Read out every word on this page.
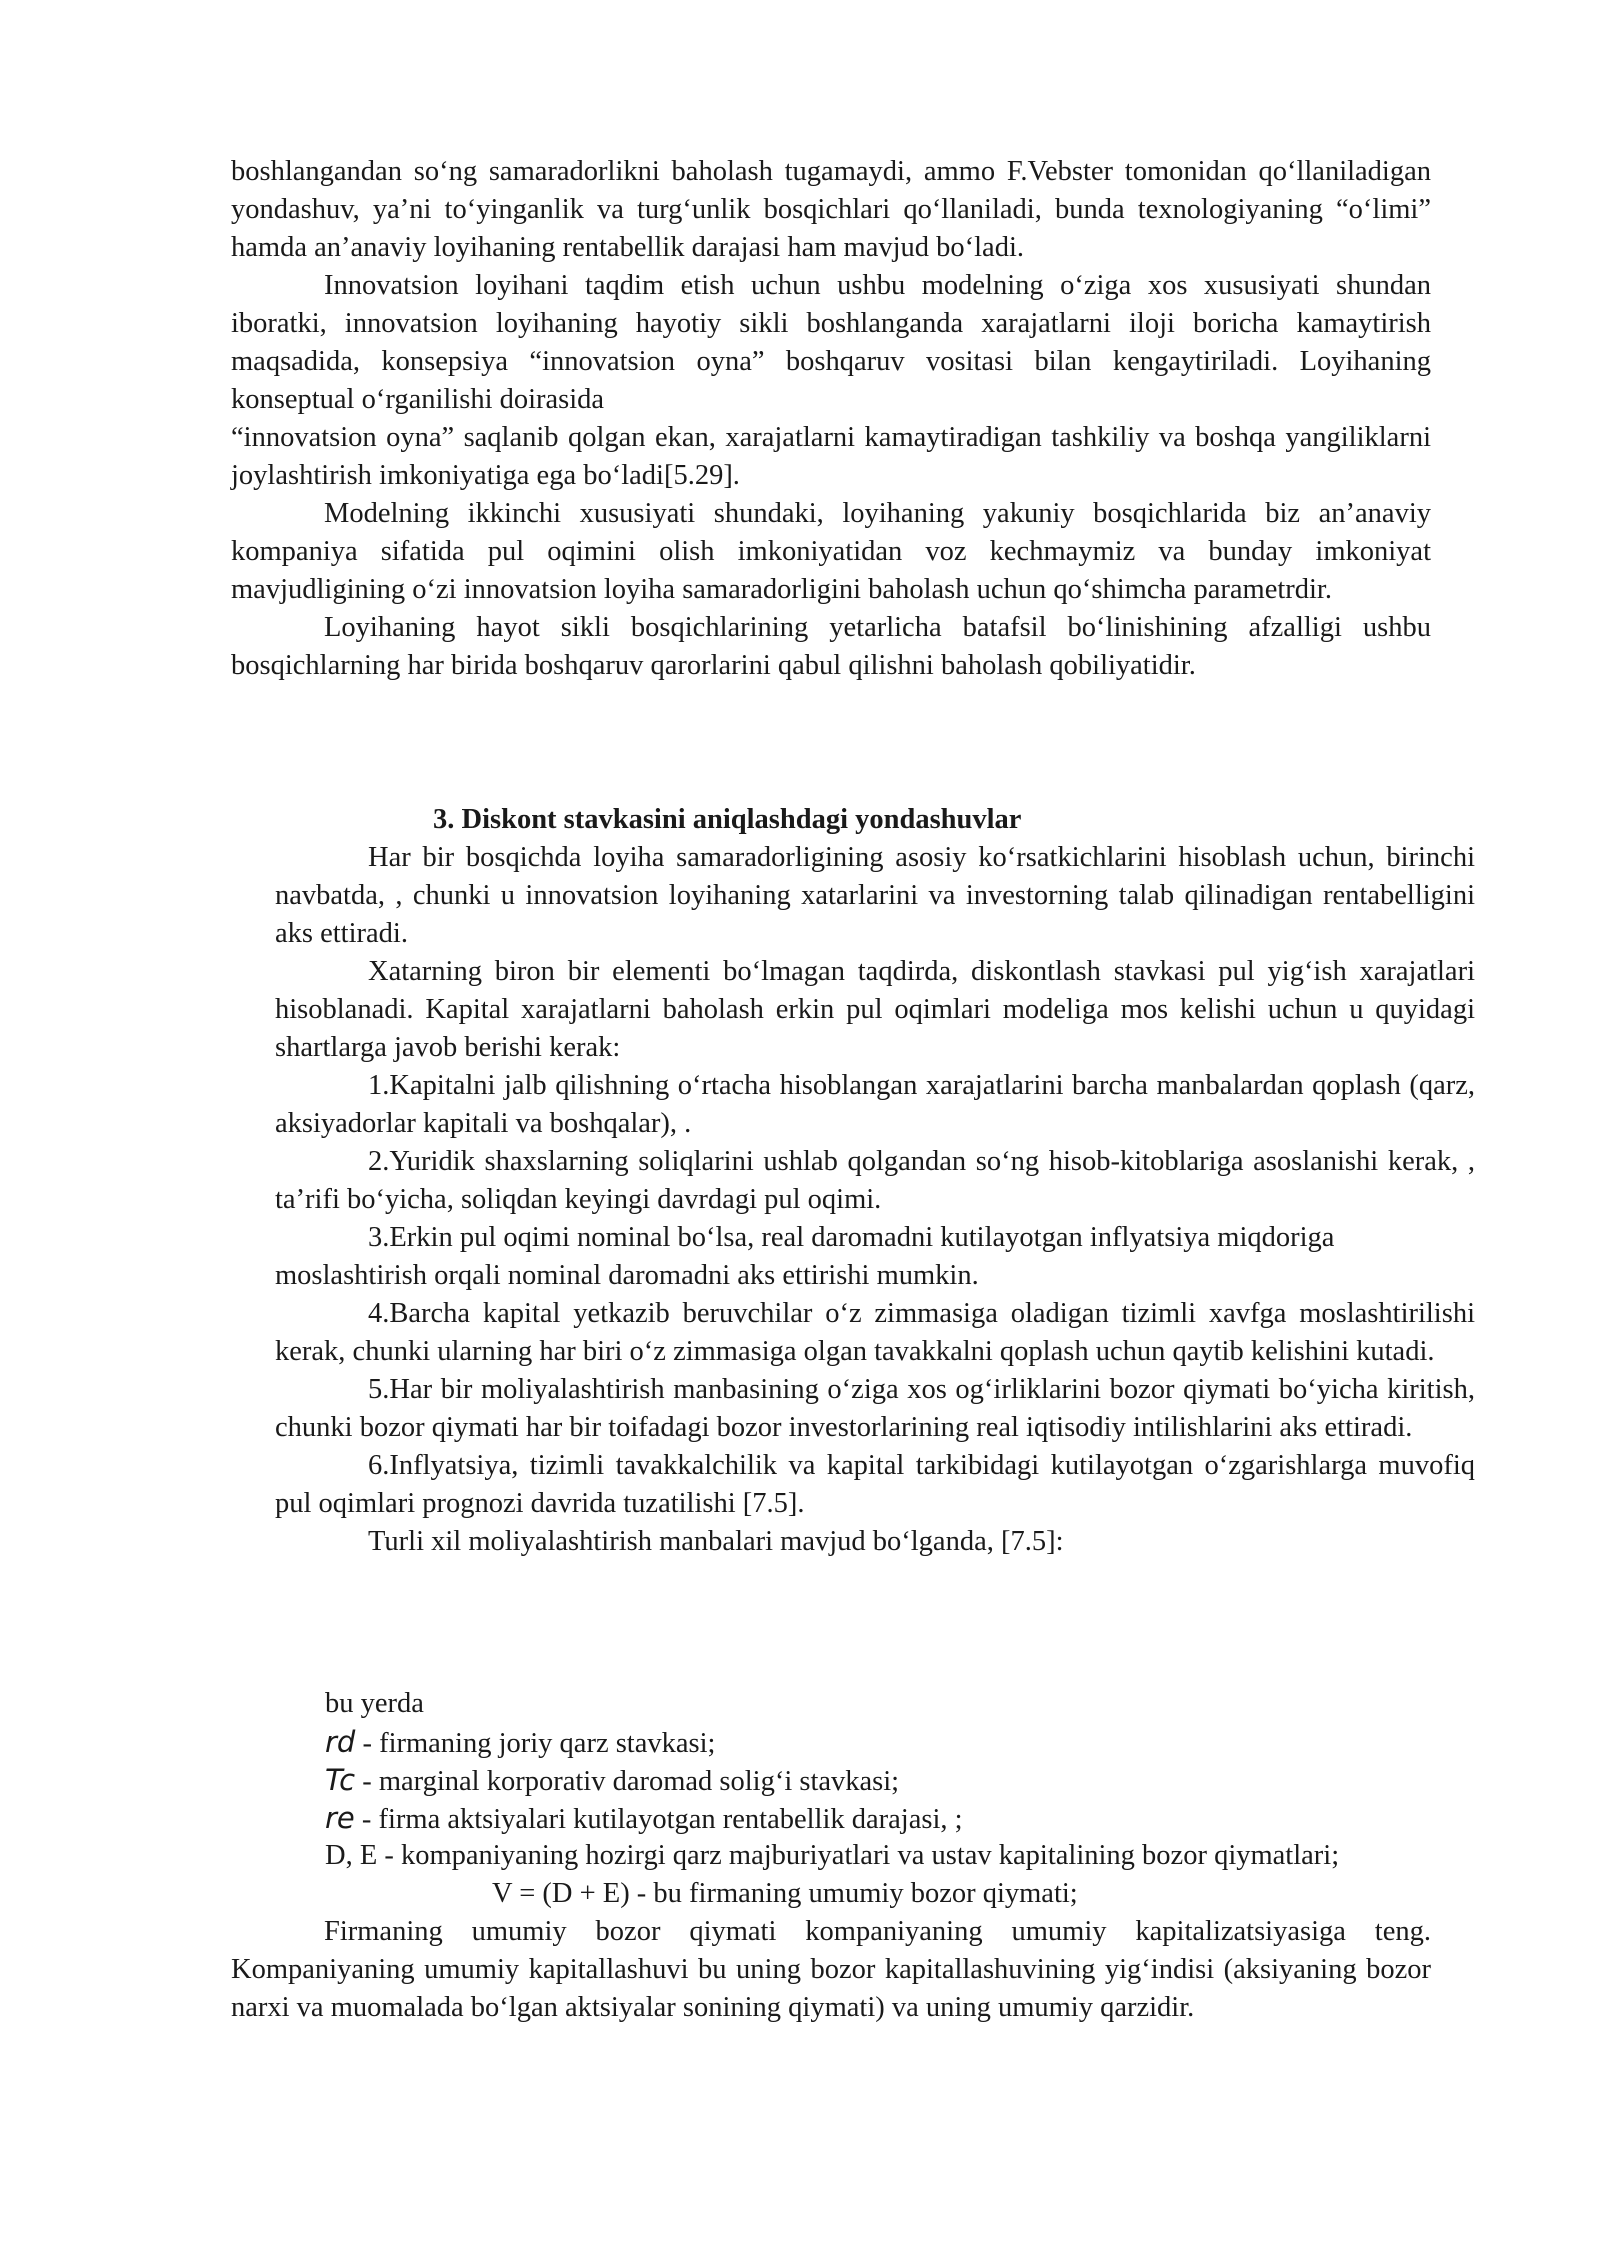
boshlangandan so‘ng samaradorlikni baholash tugamaydi, ammo F.Vebster tomonidan qo‘llaniladigan yondashuv, ya’ni to‘yinganlik va turg‘unlik bosqichlari qo‘llaniladi, bunda texnologiyaning “o‘limi” hamda an’anaviy loyihaning rentabellik darajasi ham mavjud bo‘ladi.

Innovatsion loyihani taqdim etish uchun ushbu modelning o‘ziga xos xususiyati shundan iboratki, innovatsion loyihaning hayotiy sikli boshlanganda xarajatlarni iloji boricha kamaytirish maqsadida, konsepsiya “innovatsion oyna” boshqaruv vositasi bilan kengaytiriladi. Loyihaning konseptual o‘rganilishi doirasida

“innovatsion oyna” saqlanib qolgan ekan, xarajatlarni kamaytiradigan tashkiliy va boshqa yangiliklarni joylashtirish imkoniyatiga ega bo‘ladi[5.29].

Modelning ikkinchi xususiyati shundaki, loyihaning yakuniy bosqichlarida biz an’anaviy kompaniya sifatida pul oqimini olish imkoniyatidan voz kechmaymiz va bunday imkoniyat mavjudligining o‘zi innovatsion loyiha samaradorligini baholash uchun qo‘shimcha parametrdir.

Loyihaning hayot sikli bosqichlarining yetarlicha batafsil bo‘linishining afzalligi ushbu bosqichlarning har birida boshqaruv qarorlarini qabul qilishni baholash qobiliyatidir.

3. Diskont stavkasini aniqlashdagi yondashuvlar

Har bir bosqichda loyiha samaradorligining asosiy ko‘rsatkichlarini hisoblash uchun, birinchi navbatda, , chunki u innovatsion loyihaning xatarlarini va investorning talab qilinadigan rentabelligini aks ettiradi.

Xatarning biron bir elementi bo‘lmagan taqdirda, diskontlash stavkasi pul yig‘ish xarajatlari hisoblanadi. Kapital xarajatlarni baholash erkin pul oqimlari modeliga mos kelishi uchun u quyidagi shartlarga javob berishi kerak:

1.Kapitalni jalb qilishning o‘rtacha hisoblangan xarajatlarini barcha manbalardan qoplash (qarz, aksiyadorlar kapitali va boshqalar), .

2.Yuridik shaxslarning soliqlarini ushlab qolgandan so‘ng hisob-kitoblariga asoslanishi kerak, , ta’rifi bo‘yicha, soliqdan keyingi davrdagi pul oqimi.

3.Erkin pul oqimi nominal bo‘lsa, real daromadni kutilayotgan inflyatsiya miqdoriga

moslashtirish orqali nominal daromadni aks ettirishi mumkin.

4.Barcha kapital yetkazib beruvchilar o‘z zimmasiga oladigan tizimli xavfga moslashtirilishi kerak, chunki ularning har biri o‘z zimmasiga olgan tavakkalni qoplash uchun qaytib kelishini kutadi.

5.Har bir moliyalashtirish manbasining o‘ziga xos og‘irliklarini bozor qiymati bo‘yicha kiritish, chunki bozor qiymati har bir toifadagi bozor investorlarining real iqtisodiy intilishlarini aks ettiradi.

6.Inflyatsiya, tizimli tavakkalchilik va kapital tarkibidagi kutilayotgan o‘zgarishlarga muvofiq pul oqimlari prognozi davrida tuzatilishi [7.5].

Turli xil moliyalashtirish manbalari mavjud bo‘lganda, [7.5]:

bu yerda
rd - firmaning joriy qarz stavkasi;
Tc - marginal korporativ daromad solig‘i stavkasi;
re - firma aktsiyalari kutilayotgan rentabellik darajasi, ;
D, E - kompaniyaning hozirgi qarz majburiyatlari va ustav kapitalining bozor qiymatlari;
V = (D + E) - bu firmaning umumiy bozor qiymati;

Firmaning umumiy bozor qiymati kompaniyaning umumiy kapitalizatsiyasiga teng. Kompaniyaning umumiy kapitallashuvi bu uning bozor kapitallashuvining yig‘indisi (aksiyaning bozor narxi va muomalada bo‘lgan aktsiyalar sonining qiymati) va uning umumiy qarzidir.
